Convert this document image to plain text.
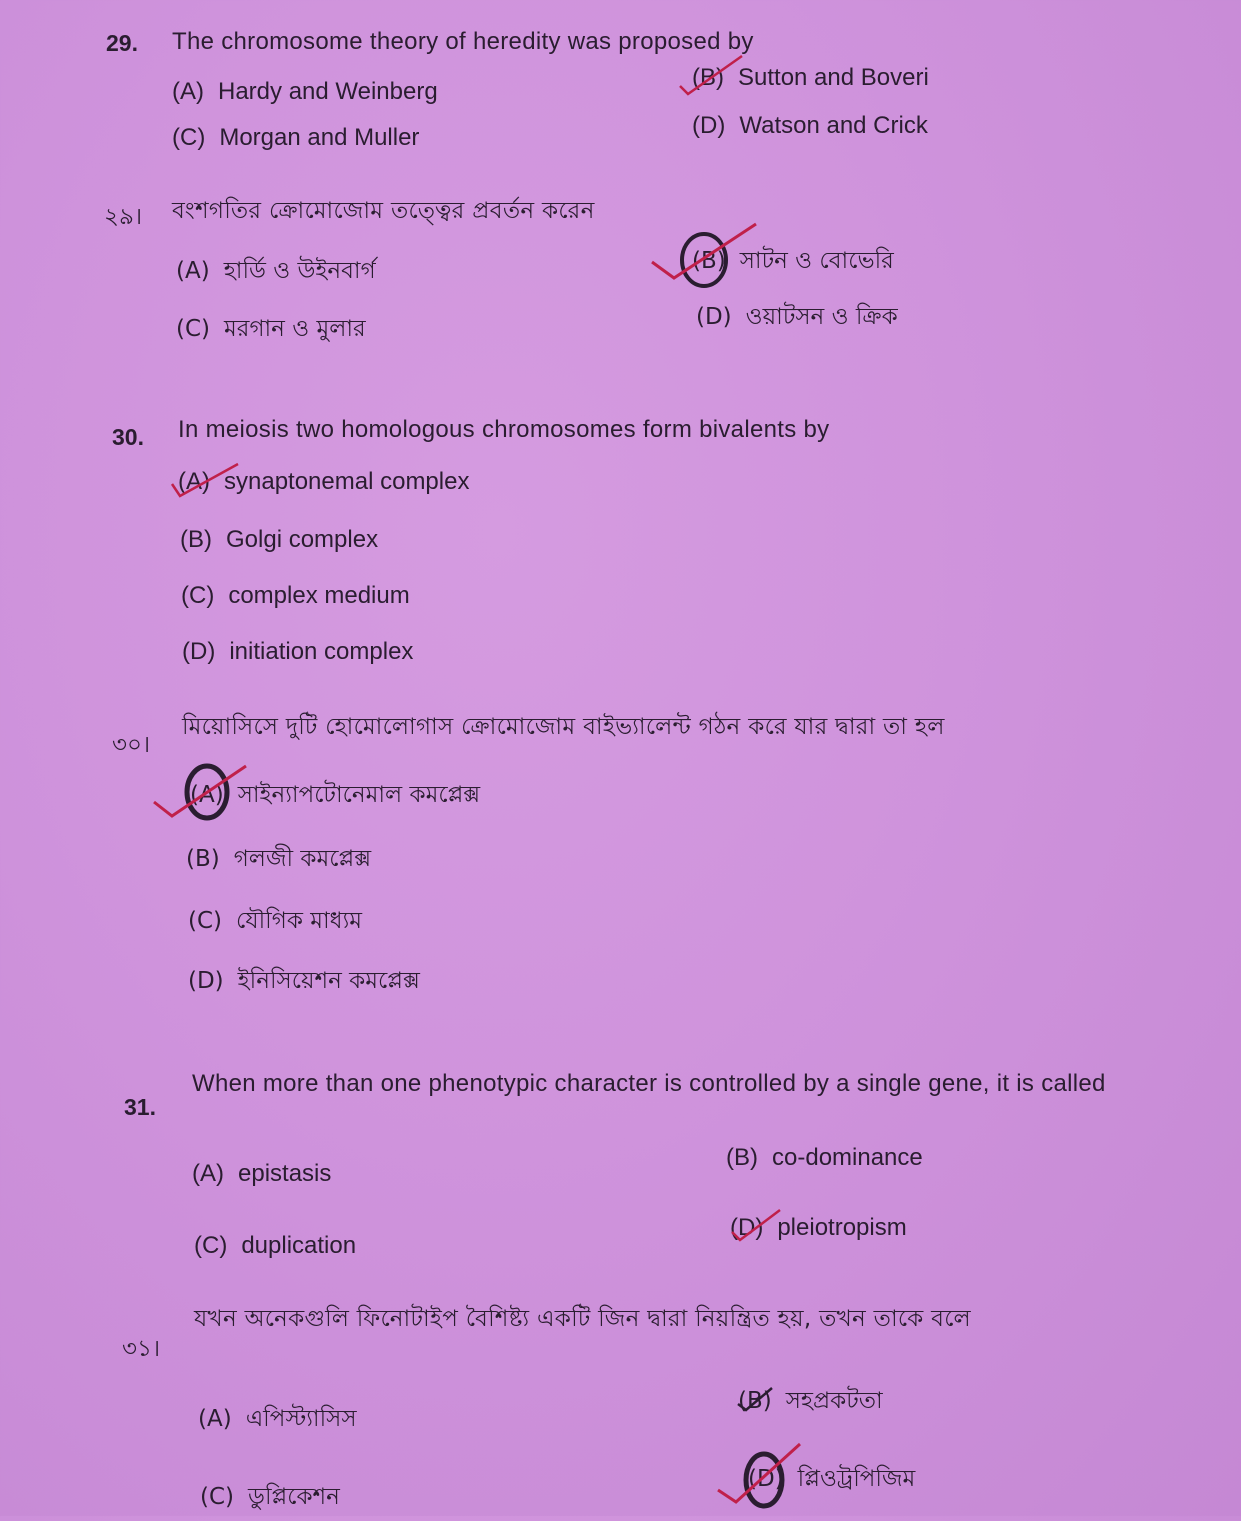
29. The chromosome theory of heredity was proposed by
(A) Hardy and Weinberg
(B) Sutton and Boveri
(C) Morgan and Muller	(D) Watson and Crick
২৯। বংশগতির ক্রোমোজোম তত্ত্বের প্রবর্তন করেন
(A) হার্ডি ও উইনবার্গ	(B) সাটন ও বোভেরি
(C) মরগান ও মুলার	(D) ওয়াটসন ও ক্রিক
30. In meiosis two homologous chromosomes form bivalents by
(A) synaptonemal complex
(B) Golgi complex
(C) complex medium
(D) initiation complex
৩০।
মিয়োসিসে দুটি হোমোলোগাস ক্রোমোজোম বাইভ্যালেন্ট গঠন করে যার দ্বারা তা হল
(A) সাইন্যাপটোনেমাল কমপ্লেক্স
(B) গলজী কমপ্লেক্স
(C) যৌগিক মাধ্যম
(D) ইনিসিয়েশন কমপ্লেক্স
31.
When more than one phenotypic character is controlled by a single gene, it is called
(A) epistasis
(B) co-dominance
(C) duplication
(D) pleiotropism
৩১।
যখন অনেকগুলি ফিনোটাইপ বৈশিষ্ট্য একটি জিন দ্বারা নিয়ন্ত্রিত হয়, তখন তাকে বলে
(A) এপিস্ট্যাসিস
(B) সহপ্রকটতা
(C) ডুপ্লিকেশন
(D) প্লিওট্রপিজিম
